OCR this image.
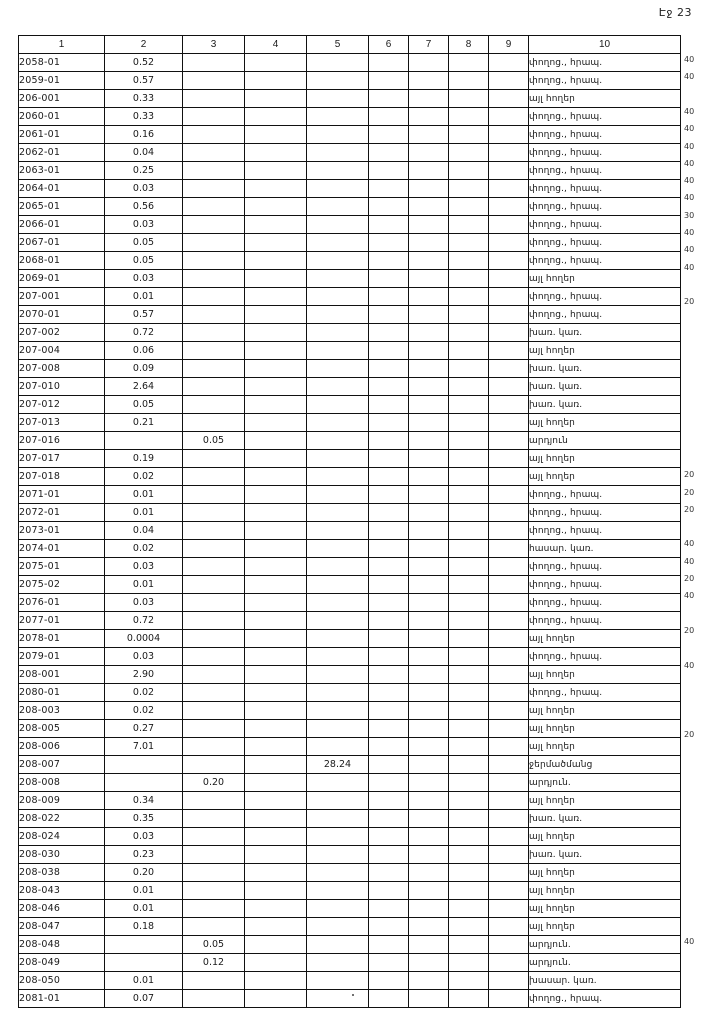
Էջ 23
1	2	3	4	5	6	7	8	9	10
2058-01	0.52								փողոց., հրապ.
2059-01	0.57								փողոց., հրապ.
206-001	0.33								այլ հողեր
2060-01	0.33								փողոց., հրապ.
2061-01	0.16								փողոց., հրապ.
2062-01	0.04								փողոց., հրապ.
2063-01	0.25								փողոց., հրապ.
2064-01	0.03								փողոց., հրապ.
2065-01	0.56								փողոց., հրապ.
2066-01	0.03								փողոց., հրապ.
2067-01	0.05								փողոց., հրապ.
2068-01	0.05								փողոց., հրապ.
2069-01	0.03								այլ հողեր
207-001	0.01								փողոց., հրապ.
2070-01	0.57								փողոց., հրապ.
207-002	0.72								խառ. կառ.
207-004	0.06								այլ հողեր
207-008	0.09								խառ. կառ.
207-010	2.64								խառ. կառ.
207-012	0.05								խառ. կառ.
207-013	0.21								այլ հողեր
207-016		0.05							արդյուն
207-017	0.19								այլ հողեր
207-018	0.02								այլ հողեր
2071-01	0.01								փողոց., հրապ.
2072-01	0.01								փողոց., հրապ.
2073-01	0.04								փողոց., հրապ.
2074-01	0.02								հասար. կառ.
2075-01	0.03								փողոց., հրապ.
2075-02	0.01								փողոց., հրապ.
2076-01	0.03								փողոց., հրապ.
2077-01	0.72								փողոց., հրապ.
2078-01	0.0004								այլ հողեր
2079-01	0.03								փողոց., հրապ.
208-001	2.90								այլ հողեր
2080-01	0.02								փողոց., հրապ.
208-003	0.02								այլ հողեր
208-005	0.27								այլ հողեր
208-006	7.01								այլ հողեր
208-007				28.24					ջերմածմանց
208-008		0.20							արդյուն.
208-009	0.34								այլ հողեր
208-022	0.35								խառ. կառ.
208-024	0.03								այլ հողեր
208-030	0.23								խառ. կառ.
208-038	0.20								այլ հողեր
208-043	0.01								այլ հողեր
208-046	0.01								այլ հողեր
208-047	0.18								այլ հողեր
208-048		0.05							արդյուն.
208-049		0.12							արդյուն.
208-050	0.01								խասար. կառ.
2081-01	0.07								փողոց., հրապ.
40
40
40
40
40
40
40
40
30
40
40
40
20
20
20
20
40
40
20
40
20
40
20
40
